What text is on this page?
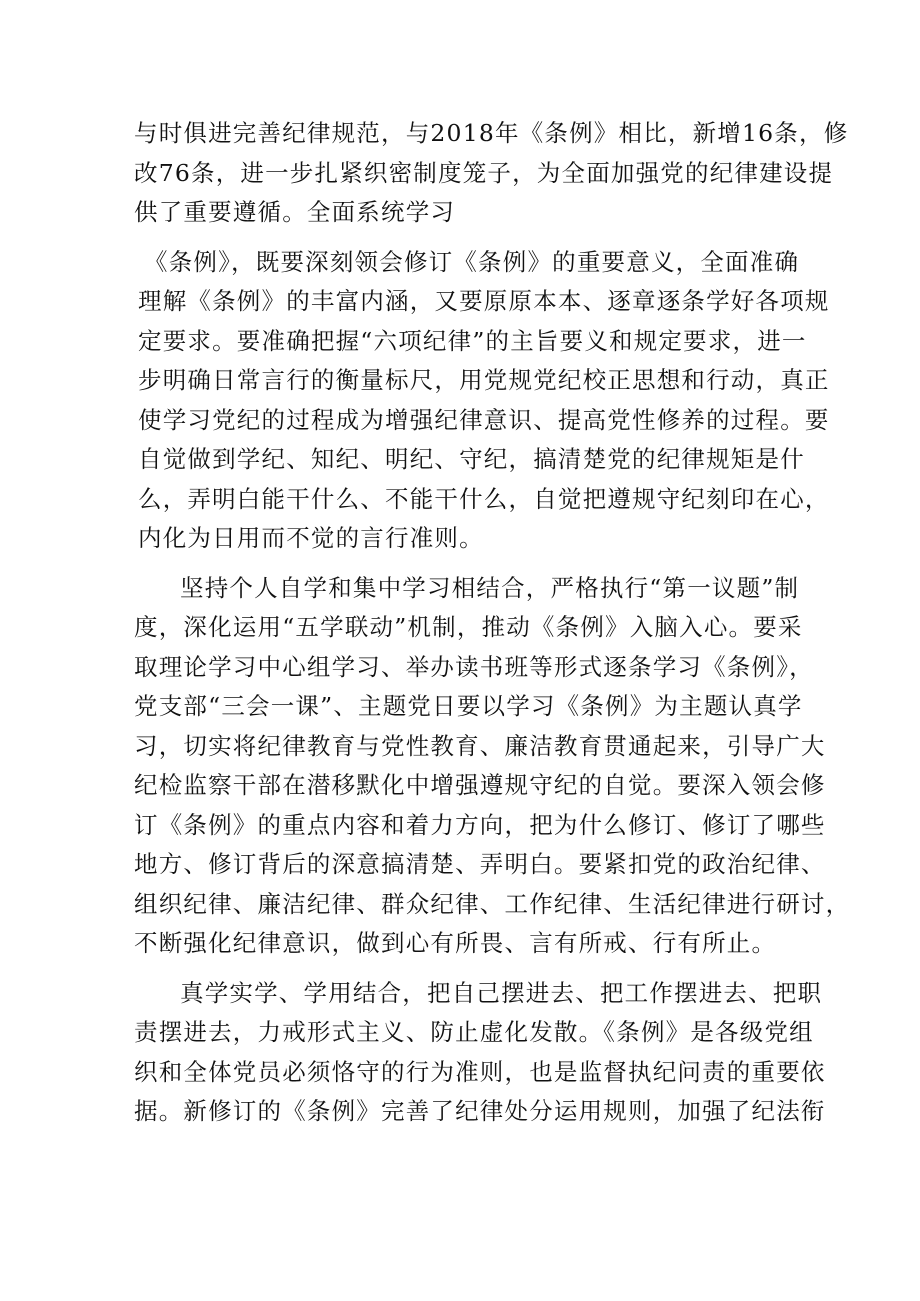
与时俱进完善纪律规范，与2018年《条例》相比，新增16条，修
改76条，进一步扎紧织密制度笼子，为全面加强党的纪律建设提
供了重要遵循。全面系统学习
《条例》，既要深刻领会修订《条例》的重要意义，全面准确
理解《条例》的丰富内涵，又要原原本本、逐章逐条学好各项规
定要求。要准确把握“六项纪律”的主旨要义和规定要求，进一
步明确日常言行的衡量标尺，用党规党纪校正思想和行动，真正
使学习党纪的过程成为增强纪律意识、提高党性修养的过程。要
自觉做到学纪、知纪、明纪、守纪，搞清楚党的纪律规矩是什
么，弄明白能干什么、不能干什么，自觉把遵规守纪刻印在心，
内化为日用而不觉的言行准则。
坚持个人自学和集中学习相结合，严格执行“第一议题”制
度，深化运用“五学联动”机制，推动《条例》入脑入心。要采
取理论学习中心组学习、举办读书班等形式逐条学习《条例》，
党支部“三会一课”、主题党日要以学习《条例》为主题认真学
习，切实将纪律教育与党性教育、廉洁教育贯通起来，引导广大
纪检监察干部在潜移默化中增强遵规守纪的自觉。要深入领会修
订《条例》的重点内容和着力方向，把为什么修订、修订了哪些
地方、修订背后的深意搞清楚、弄明白。要紧扣党的政治纪律、
组织纪律、廉洁纪律、群众纪律、工作纪律、生活纪律进行研讨，
不断强化纪律意识，做到心有所畏、言有所戒、行有所止。
真学实学、学用结合，把自己摆进去、把工作摆进去、把职
责摆进去，力戒形式主义、防止虚化发散。《条例》是各级党组
织和全体党员必须恪守的行为准则，也是监督执纪问责的重要依
据。新修订的《条例》完善了纪律处分运用规则，加强了纪法衔
